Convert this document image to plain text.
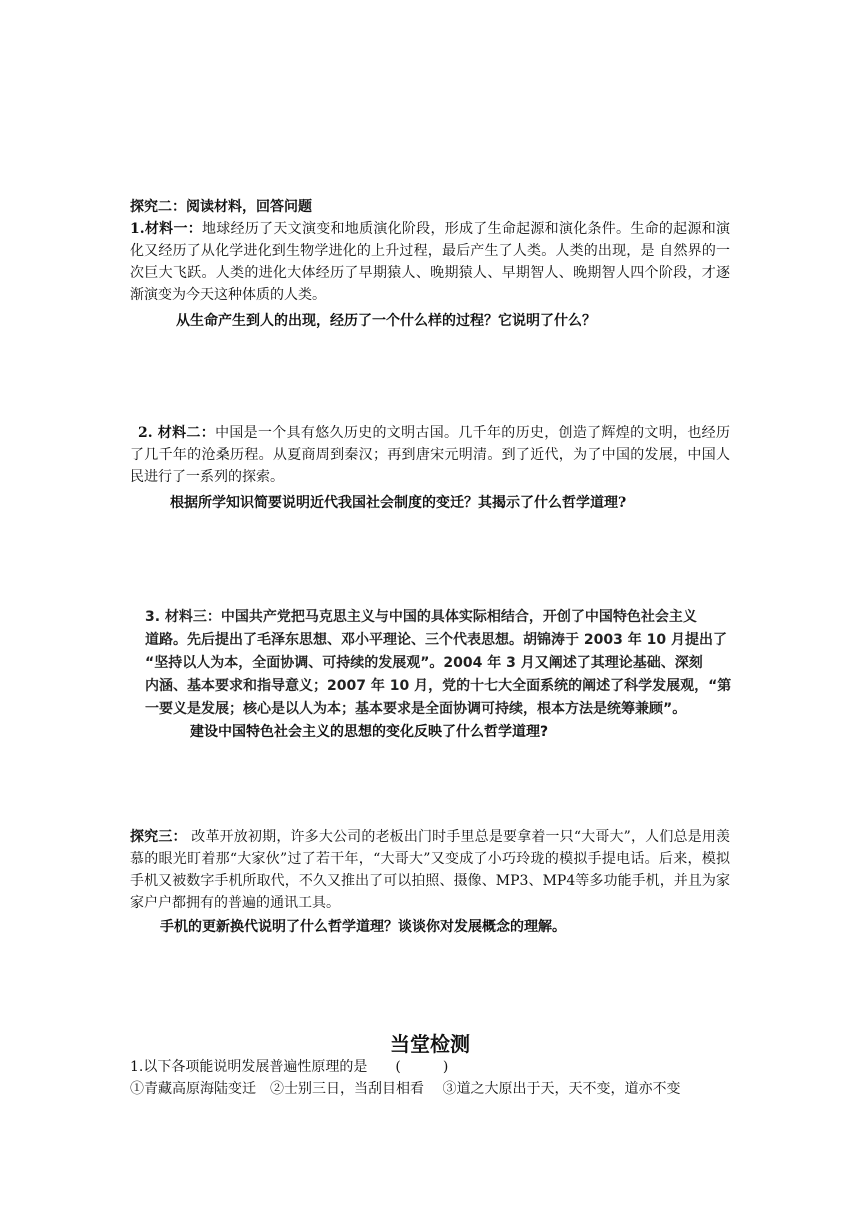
探究二：阅读材料，回答问题
1.材料一：地球经历了天文演变和地质演化阶段，形成了生命起源和演化条件。生命的起源和演化又经历了从化学进化到生物学进化的上升过程，最后产生了人类。人类的出现，是 自然界的一次巨大飞跃。人类的进化大体经历了早期猿人、晚期猿人、早期智人、晚期智人四个阶段，才逐渐演变为今天这种体质的人类。
从生命产生到人的出现，经历了一个什么样的过程？它说明了什么？
2. 材料二：中国是一个具有悠久历史的文明古国。几千年的历史，创造了辉煌的文明，也经历了几千年的沧桑历程。从夏商周到秦汉；再到唐宋元明清。到了近代，为了中国的发展，中国人民进行了一系列的探索。
根据所学知识简要说明近代我国社会制度的变迁？其揭示了什么哲学道理?
3. 材料三：中国共产党把马克思主义与中国的具体实际相结合，开创了中国特色社会主义
道路。先后提出了毛泽东思想、邓小平理论、三个代表思想。胡锦涛于 2003 年 10 月提出了
“坚持以人为本，全面协调、可持续的发展观”。2004 年 3 月又阐述了其理论基础、深刻
内涵、基本要求和指导意义；2007 年 10 月，党的十七大全面系统的阐述了科学发展观，“第
一要义是发展；核心是以人为本；基本要求是全面协调可持续，根本方法是统筹兼顾”。
建设中国特色社会主义的思想的变化反映了什么哲学道理?
探究三： 改革开放初期，许多大公司的老板出门时手里总是要拿着一只“大哥大”，人们总是用羡慕的眼光盯着那“大家伙”过了若干年，“大哥大”又变成了小巧玲珑的模拟手提电话。后来，模拟手机又被数字手机所取代，不久又推出了可以拍照、摄像、MP3、MP4等多功能手机，并且为家家户户都拥有的普遍的通讯工具。
手机的更新换代说明了什么哲学道理？谈谈你对发展概念的理解。
当堂检测
1.以下各项能说明发展普遍性原理的是　　(　　　)
①青藏高原海陆变迁　②士别三日，当刮目相看　 ③道之大原出于天，天不变，道亦不变
